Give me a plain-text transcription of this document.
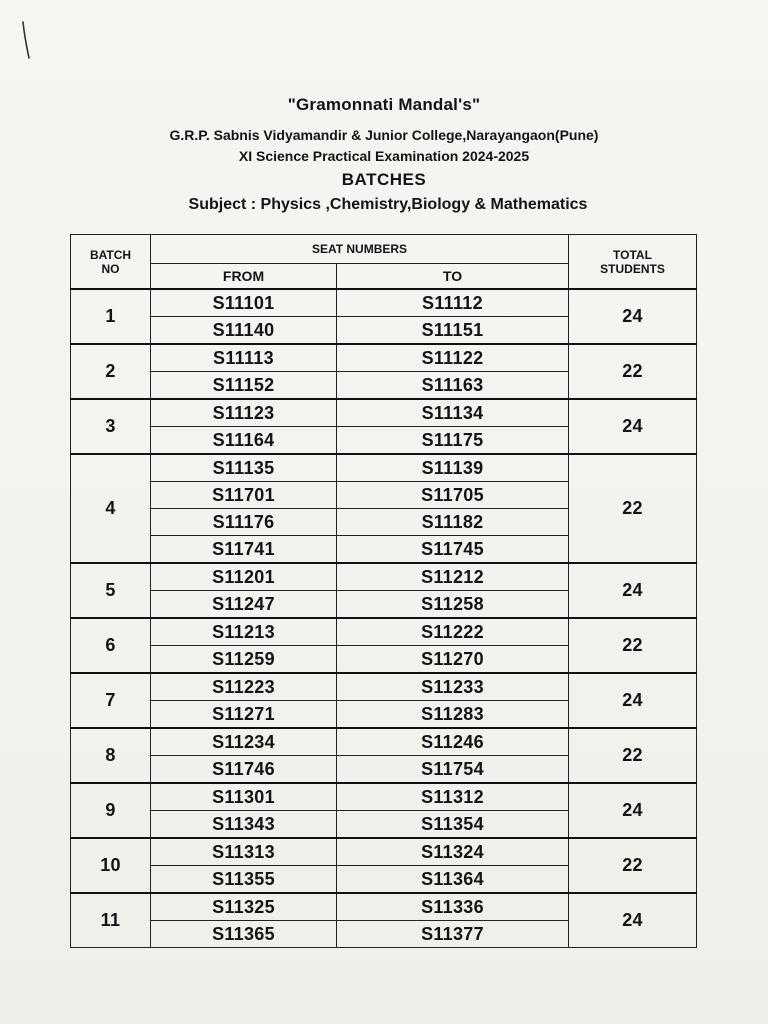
"Gramonnati Mandal's"
G.R.P. Sabnis Vidyamandir & Junior College,Narayangaon(Pune)
XI Science Practical Examination 2024-2025
BATCHES
Subject : Physics ,Chemistry,Biology & Mathematics
BATCH
NO	SEAT NUMBERS		TOTAL
STUDENTS
	FROM	TO	
1	S11101	S11112	24
	S11140	S11151	
2	S11113	S11122	22
	S11152	S11163	
3	S11123	S11134	24
	S11164	S11175	
4	S11135	S11139	22
	S11701	S11705	
	S11176	S11182	
	S11741	S11745	
5	S11201	S11212	24
	S11247	S11258	
6	S11213	S11222	22
	S11259	S11270	
7	S11223	S11233	24
	S11271	S11283	
8	S11234	S11246	22
	S11746	S11754	
9	S11301	S11312	24
	S11343	S11354	
10	S11313	S11324	22
	S11355	S11364	
11	S11325	S11336	24
	S11365	S11377	
